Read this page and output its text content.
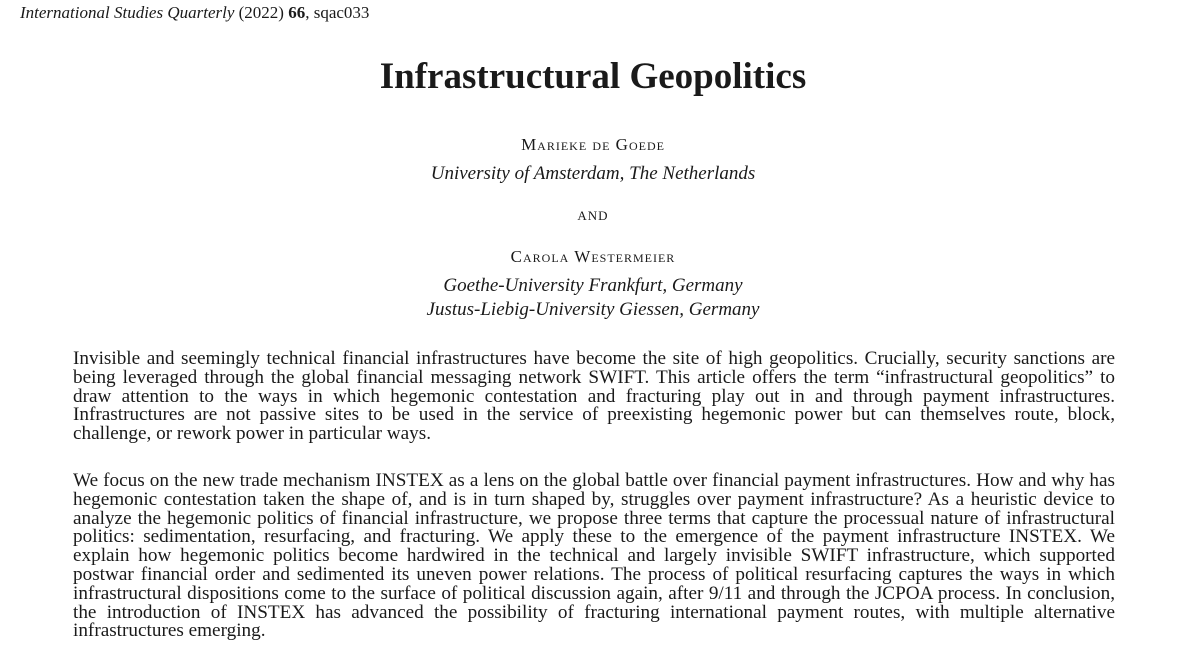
International Studies Quarterly (2022) 66, sqac033
Infrastructural Geopolitics
Marieke de Goede
University of Amsterdam, The Netherlands
AND
Carola Westermeier
Goethe-University Frankfurt, Germany
Justus-Liebig-University Giessen, Germany

Invisible and seemingly technical financial infrastructures have become the site of high geopolitics. Crucially, security sanctions are being leveraged through the global financial messaging network SWIFT. This article offers the term “infrastructural geopolitics” to draw attention to the ways in which hegemonic contestation and fracturing play out in and through payment infrastructures. Infrastructures are not passive sites to be used in the service of preexisting hegemonic power but can themselves route, block, challenge, or rework power in particular ways.

We focus on the new trade mechanism INSTEX as a lens on the global battle over financial payment infrastructures. How and why has hegemonic contestation taken the shape of, and is in turn shaped by, struggles over payment infrastructure? As a heuristic device to analyze the hegemonic politics of financial infrastructure, we propose three terms that capture the processual nature of infrastructural politics: sedimentation, resurfacing, and fracturing. We apply these to the emergence of the payment infrastructure INSTEX. We explain how hegemonic politics become hardwired in the technical and largely invisible SWIFT infrastructure, which supported postwar financial order and sedimented its uneven power relations. The process of political resurfacing captures the ways in which infrastructural dispositions come to the surface of political discussion again, after 9/11 and through the JCPOA process. In conclusion, the introduction of INSTEX has advanced the possibility of fracturing international payment routes, with multiple alternative infrastructures emerging.
